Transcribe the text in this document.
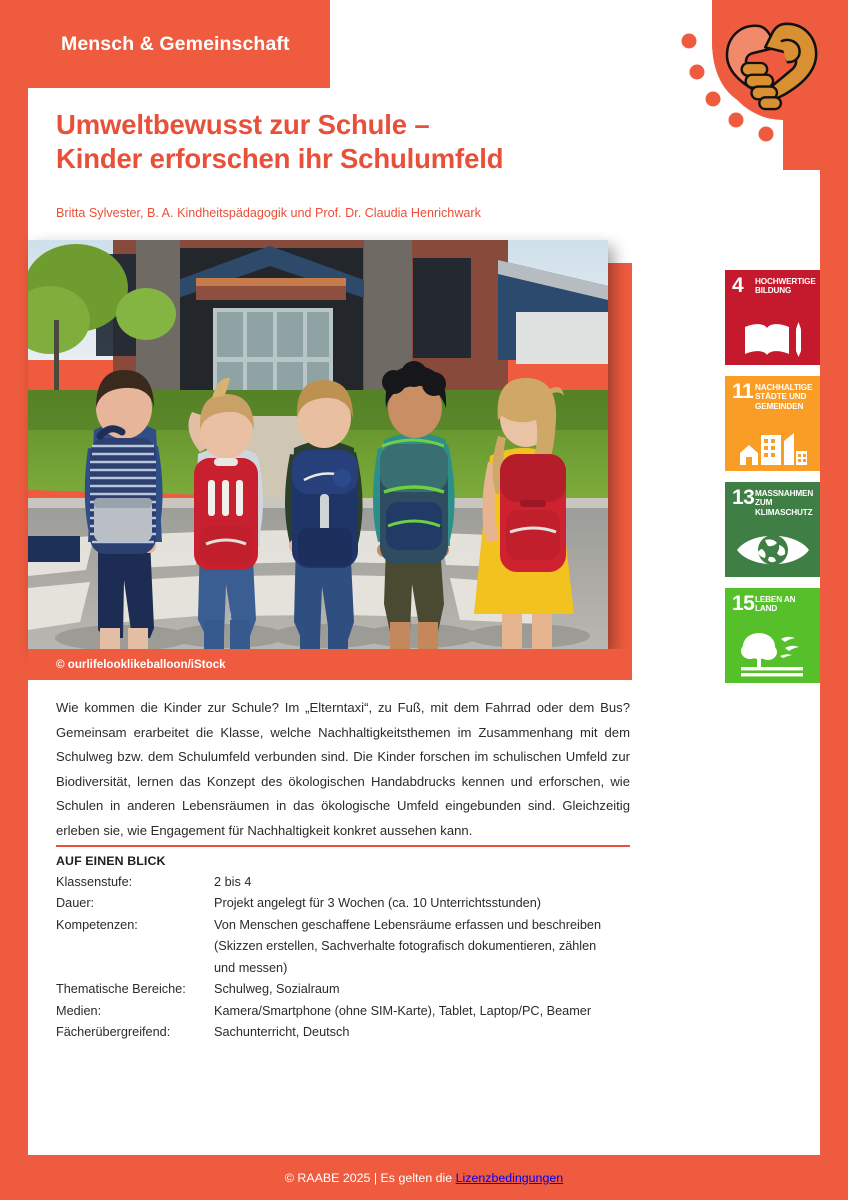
Mensch & Gemeinschaft
Umweltbewusst zur Schule –
Kinder erforschen ihr Schulumfeld
Britta Sylvester, B. A. Kindheitspädagogik und Prof. Dr. Claudia Henrichwark
© ourlifelooklikeballoon/iStock
4 HOCHWERTIGE BILDUNG
11 NACHHALTIGE STÄDTE UND GEMEINDEN
13 MASSNAHMEN ZUM KLIMASCHUTZ
15 LEBEN AN LAND

Wie kommen die Kinder zur Schule? Im „Elterntaxi“, zu Fuß, mit dem Fahrrad oder dem Bus? Gemeinsam erarbeitet die Klasse, welche Nachhaltigkeitsthemen im Zusammenhang mit dem Schulweg bzw. dem Schulumfeld verbunden sind. Die Kinder forschen im schulischen Umfeld zur Biodiversität, lernen das Konzept des ökologischen Handabdrucks kennen und erforschen, wie Schulen in anderen Lebensräumen in das ökologische Umfeld eingebunden sind. Gleichzeitig erleben sie, wie Engagement für Nachhaltigkeit konkret aussehen kann.

AUF EINEN BLICK
Klassenstufe:	2 bis 4
Dauer:	Projekt angelegt für 3 Wochen (ca. 10 Unterrichtsstunden)
Kompetenzen:	Von Menschen geschaffene Lebensräume erfassen und beschreiben
	(Skizzen erstellen, Sachverhalte fotografisch dokumentieren, zählen
	und messen)
Thematische Bereiche:	Schulweg, Sozialraum
Medien:	Kamera/Smartphone (ohne SIM-Karte), Tablet, Laptop/PC, Beamer
Fächerübergreifend:	Sachunterricht, Deutsch
© RAABE 2025 | Es gelten die Lizenzbedingungen
